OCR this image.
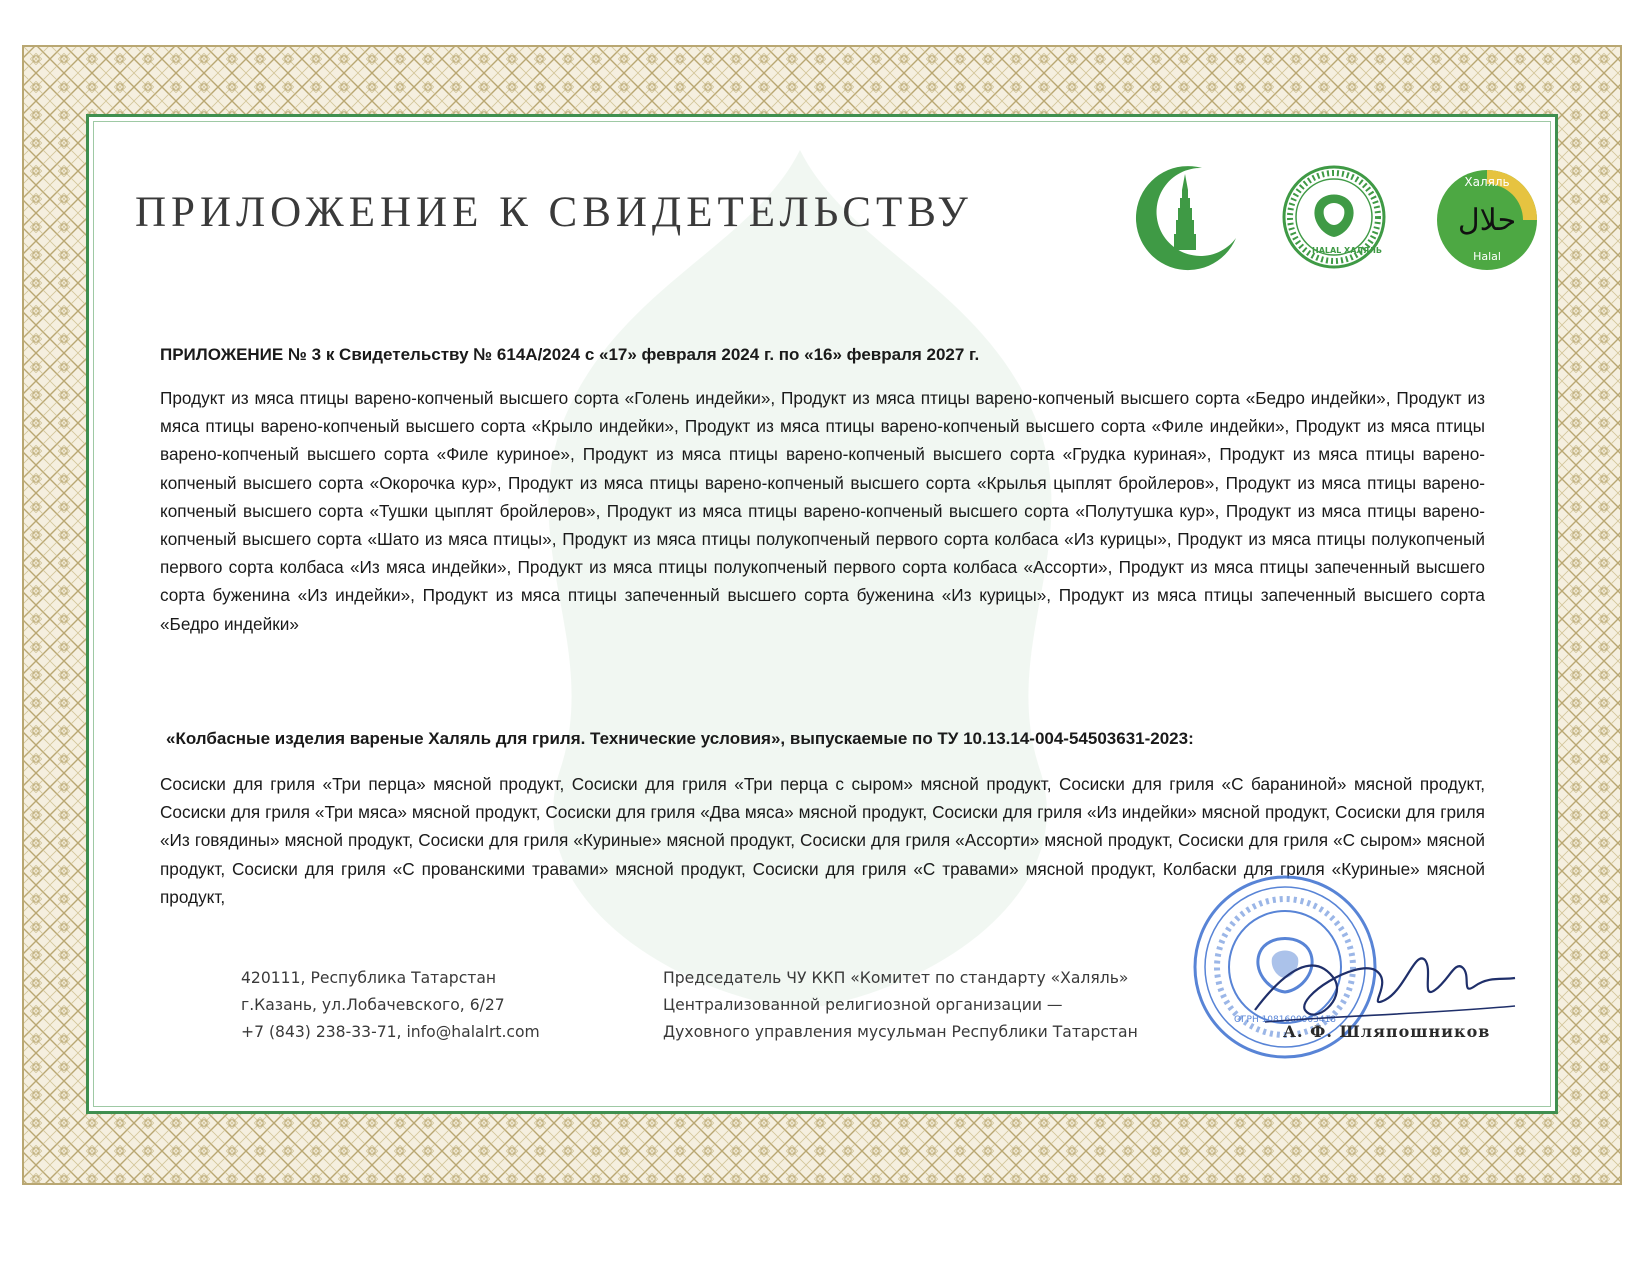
ПРИЛОЖЕНИЕ К СВИДЕТЕЛЬСТВУ
HALAL ХАЛЯЛЬ
Халяль
حلال
Halal
ПРИЛОЖЕНИЕ № 3 к Свидетельству № 614А/2024 с «17» февраля 2024 г. по «16» февраля 2027 г.

Продукт из мяса птицы варено-копченый высшего сорта «Голень индейки», Продукт из мяса птицы варено-копченый высшего сорта «Бедро индейки», Продукт из мяса птицы варено-копченый высшего сорта «Крыло индейки», Продукт из мяса птицы варено-копченый высшего сорта «Филе индейки», Продукт из мяса птицы варено-копченый высшего сорта «Филе куриное», Продукт из мяса птицы варено-копченый высшего сорта «Грудка куриная», Продукт из мяса птицы варено-копченый высшего сорта «Окорочка кур», Продукт из мяса птицы варено-копченый высшего сорта «Крылья цыплят бройлеров», Продукт из мяса птицы варено-копченый высшего сорта «Тушки цыплят бройлеров», Продукт из мяса птицы варено-копченый высшего сорта «Полутушка кур», Продукт из мяса птицы варено-копченый высшего сорта «Шато из мяса птицы», Продукт из мяса птицы полукопченый первого сорта колбаса «Из курицы», Продукт из мяса птицы полукопченый первого сорта колбаса «Из мяса индейки», Продукт из мяса птицы полукопченый первого сорта колбаса «Ассорти», Продукт из мяса птицы запеченный высшего сорта буженина «Из индейки», Продукт из мяса птицы запеченный высшего сорта буженина «Из курицы», Продукт из мяса птицы запеченный высшего сорта «Бедро индейки»

«Колбасные изделия вареные Халяль для гриля. Технические условия», выпускаемые по ТУ 10.13.14-004-54503631-2023:

Сосиски для гриля «Три перца» мясной продукт, Сосиски для гриля «Три перца с сыром» мясной продукт, Сосиски для гриля «С бараниной» мясной продукт, Сосиски для гриля «Три мяса» мясной продукт, Сосиски для гриля «Два мяса» мясной продукт, Сосиски для гриля «Из индейки» мясной продукт, Сосиски для гриля «Из говядины» мясной продукт, Сосиски для гриля «Куриные» мясной продукт, Сосиски для гриля «Ассорти» мясной продукт, Сосиски для гриля «С сыром» мясной продукт, Сосиски для гриля «С прованскими травами» мясной продукт, Сосиски для гриля «С травами» мясной продукт, Колбаски для гриля «Куриные» мясной продукт,

420111, Республика Татарстан
г.Казань, ул.Лобачевского, 6/27
+7 (843) 238-33-71, info@halalrt.com
Председатель ЧУ ККП «Комитет по стандарту «Халяль»
Централизованной религиозной организации —
Духовного управления мусульман Республики Татарстан
ОГРН 1081600003418
А. Ф. Шляпошников
